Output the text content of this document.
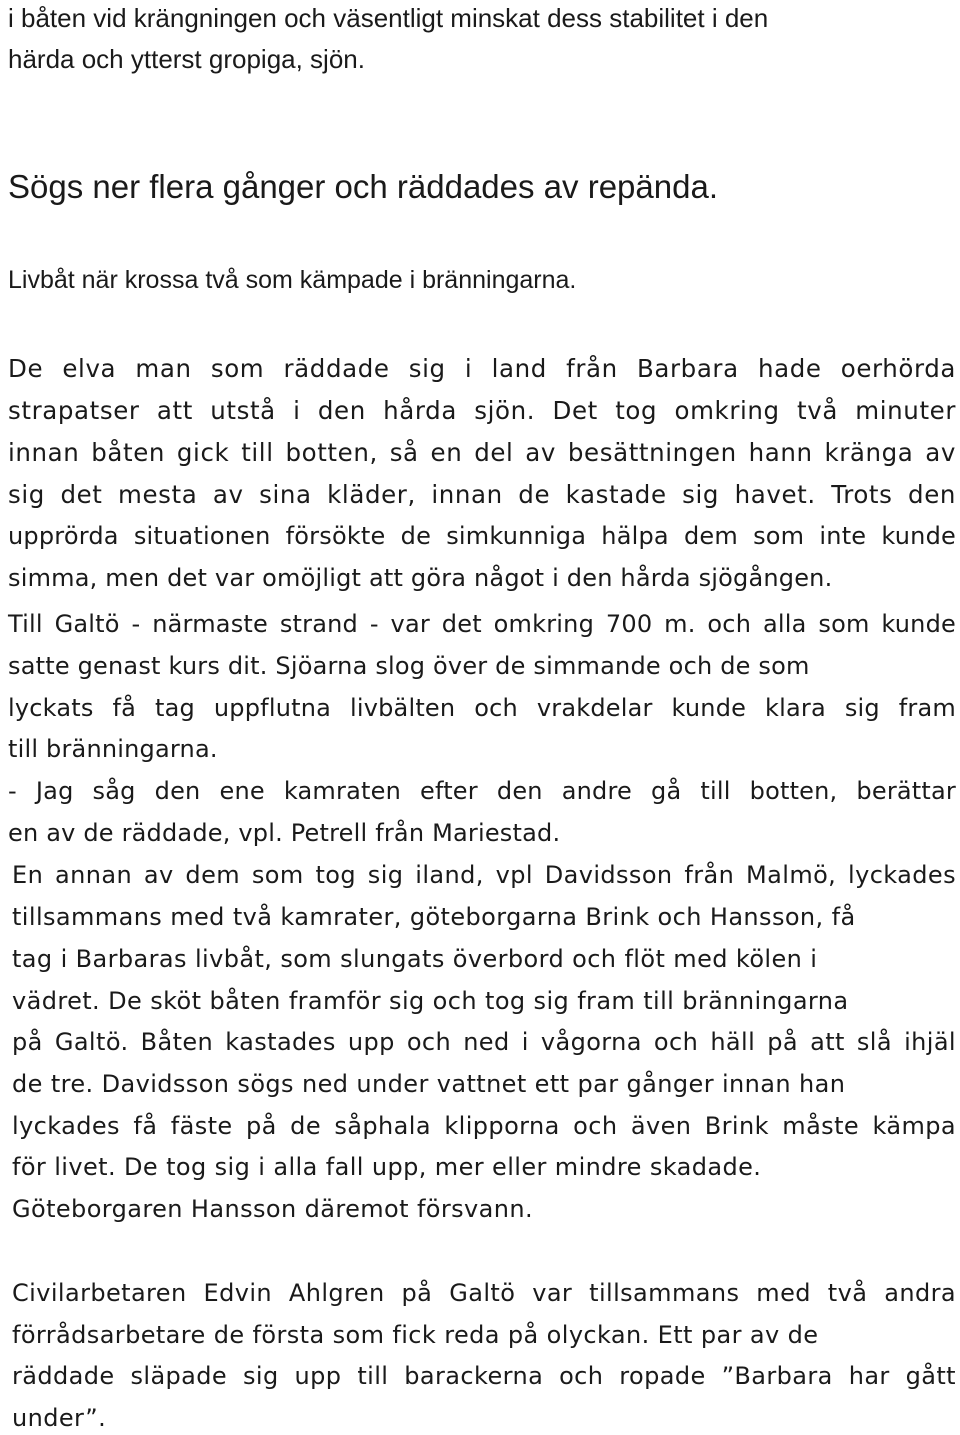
i båten vid krängningen och väsentligt minskat dess stabilitet i den

härda och ytterst gropiga, sjön.

Sögs ner flera gånger och räddades av repända.
Livbåt när krossa två som kämpade i bränningarna.

De elva man som räddade sig i land från Barbara hade oerhörda

strapatser att utstå i den hårda sjön. Det tog omkring två minuter

innan båten gick till botten, så en del av besättningen hann kränga av

sig det mesta av sina kläder, innan de kastade sig havet. Trots den

upprörda situationen försökte de simkunniga hälpa dem som inte kunde

simma, men det var omöjligt att göra något i den hårda sjögången.

Till Galtö - närmaste strand - var det omkring 700 m. och alla som kunde

satte genast kurs dit. Sjöarna slog över de simmande och de som

lyckats få tag uppflutna livbälten och vrakdelar kunde klara sig fram

till bränningarna.

- Jag såg den ene kamraten efter den andre gå till botten, berättar

en av de räddade, vpl. Petrell från Mariestad.

En annan av dem som tog sig iland, vpl Davidsson från Malmö, lyckades

tillsammans med två kamrater, göteborgarna Brink och Hansson, få

tag i Barbaras livbåt, som slungats överbord och flöt med kölen i

vädret. De sköt båten framför sig och tog sig fram till bränningarna

på Galtö. Båten kastades upp och ned i vågorna och häll på att slå ihjäl

de tre. Davidsson sögs ned under vattnet ett par gånger innan han

lyckades få fäste på de såphala klipporna och även Brink måste kämpa

för livet. De tog sig i alla fall upp, mer eller mindre skadade.

Göteborgaren Hansson däremot försvann.

Civilarbetaren Edvin Ahlgren på Galtö var tillsammans med två andra

förrådsarbetare de första som fick reda på olyckan. Ett par av de

räddade släpade sig upp till barackerna och ropade ”Barbara har gått

under”.
